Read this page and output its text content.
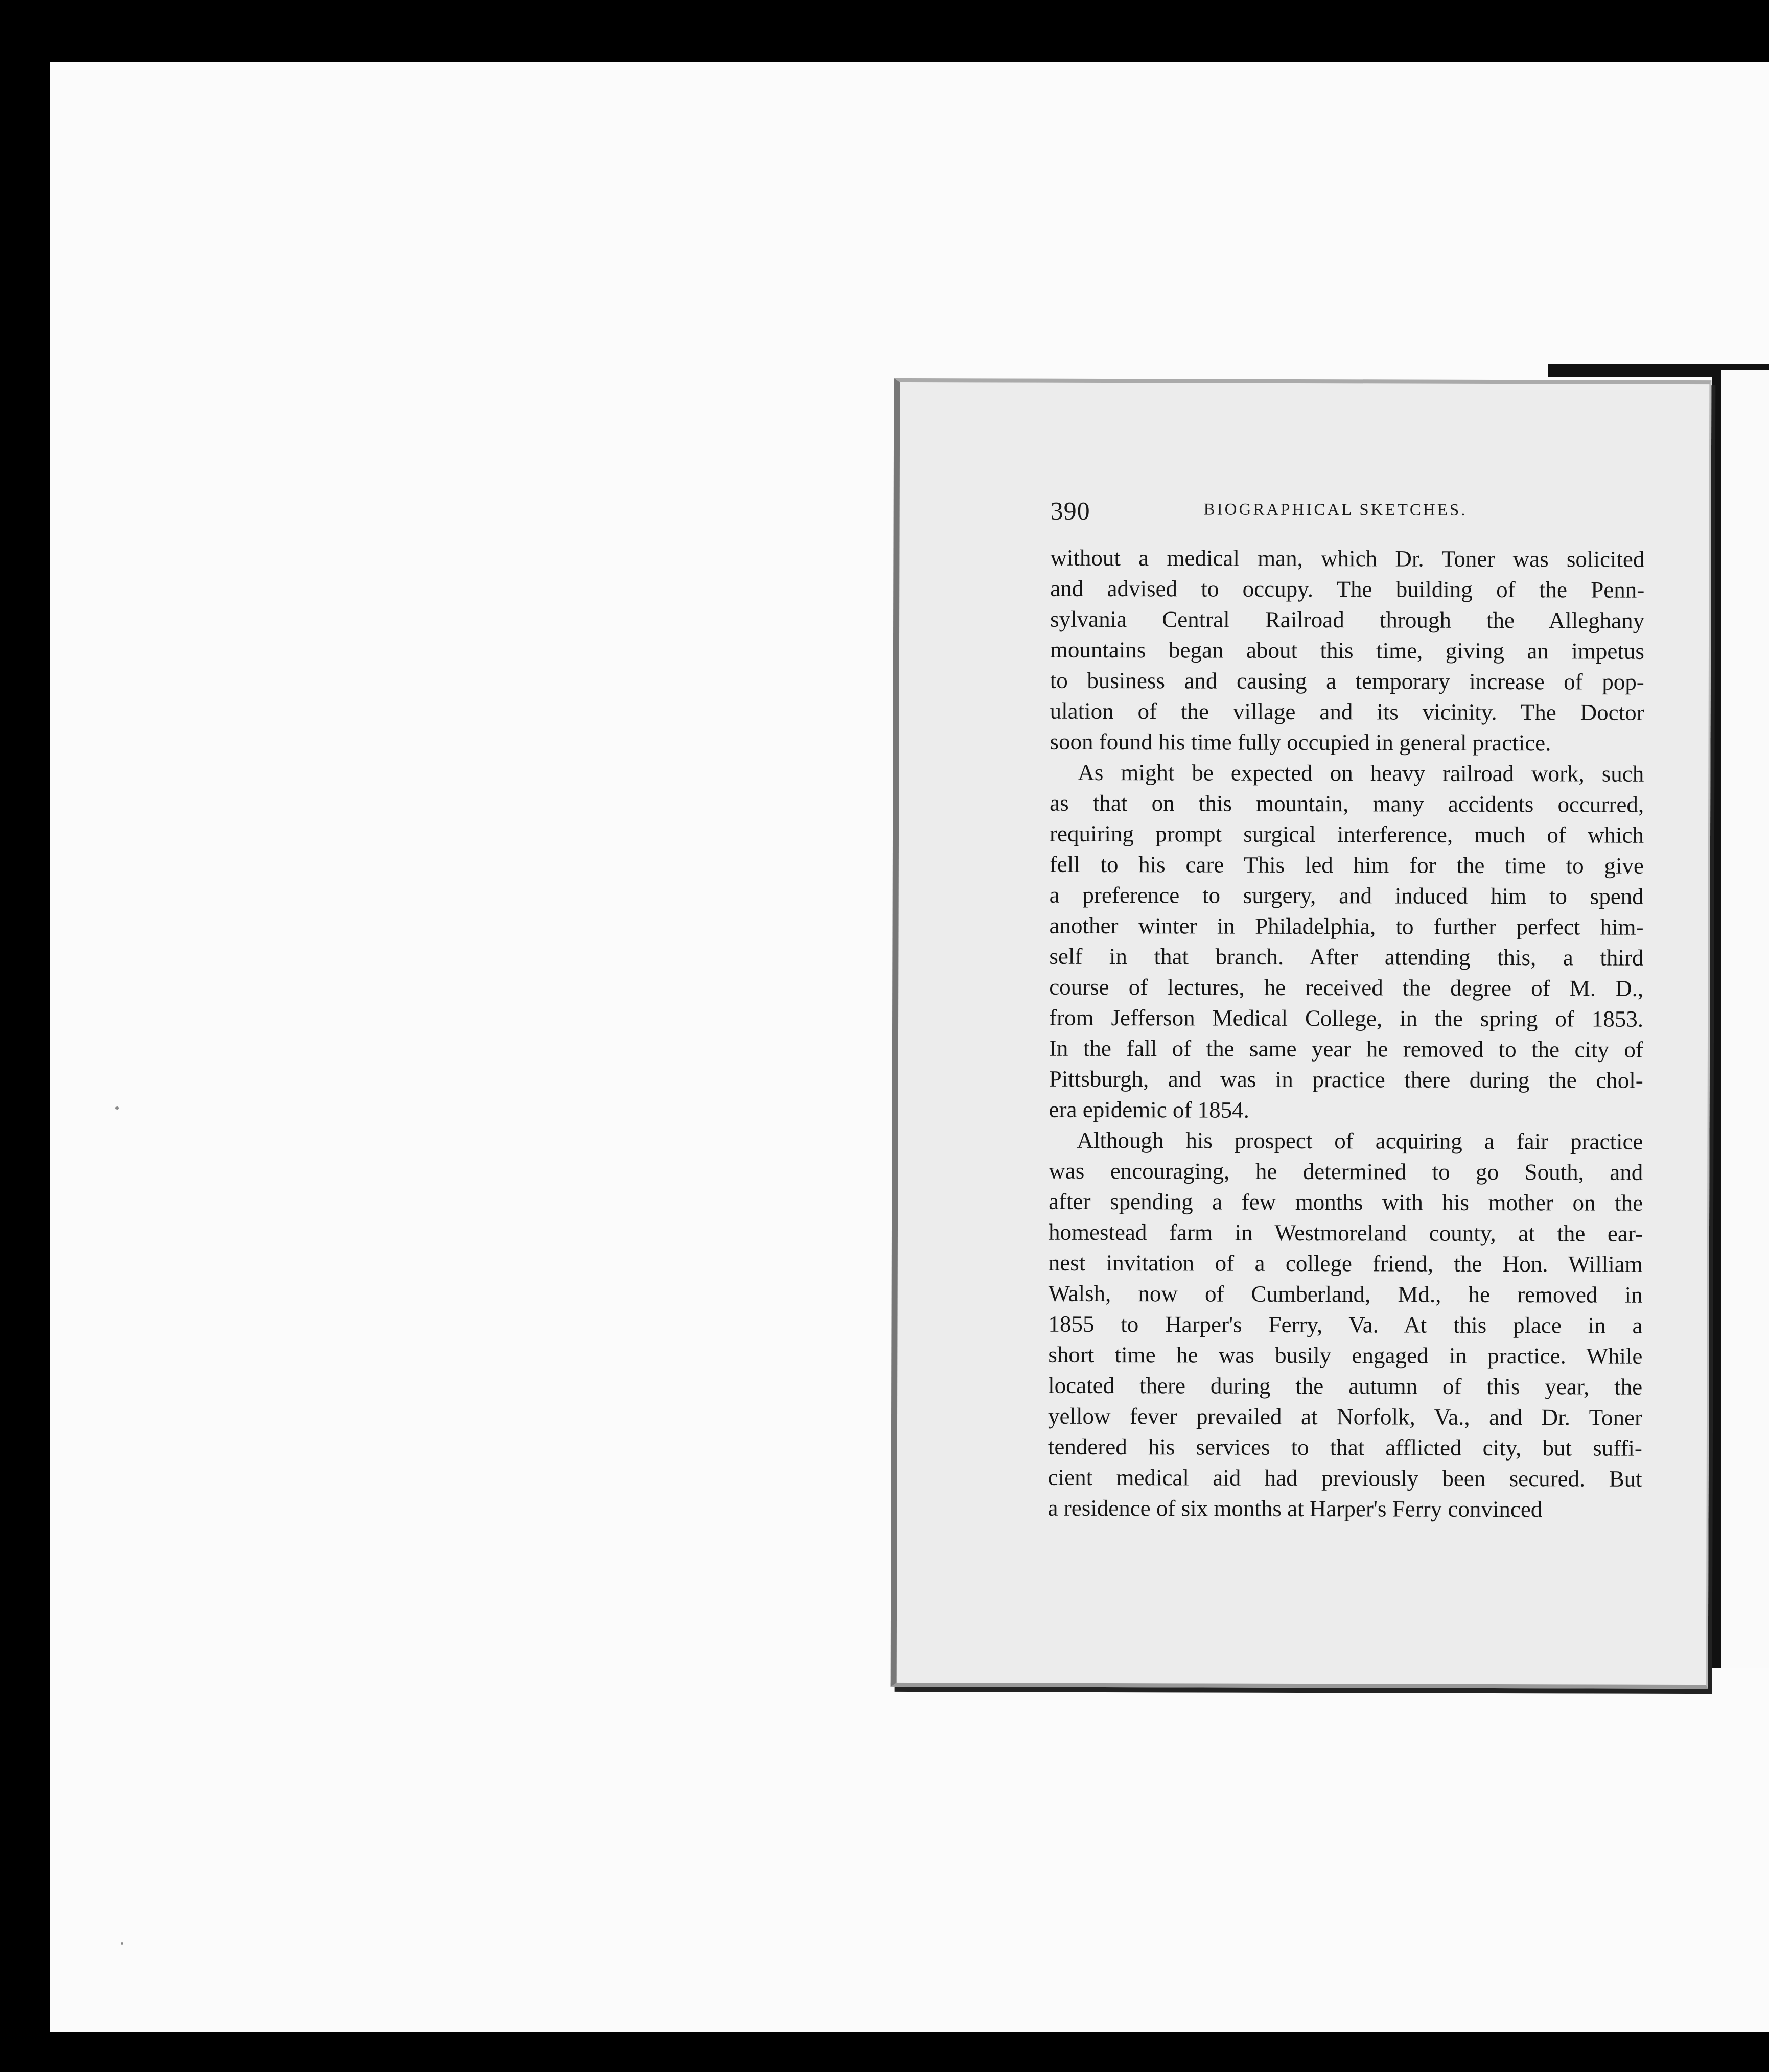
390	BIOGRAPHICAL SKETCHES.
without a medical man, which Dr. Toner was solicited
and advised to occupy. The building of the Penn-
sylvania Central Railroad through the Alleghany
mountains began about this time, giving an impetus
to business and causing a temporary increase of pop-
ulation of the village and its vicinity. The Doctor
soon found his time fully occupied in general practice.
As might be expected on heavy railroad work, such
as that on this mountain, many accidents occurred,
requiring prompt surgical interference, much of which
fell to his care This led him for the time to give
a preference to surgery, and induced him to spend
another winter in Philadelphia, to further perfect him-
self in that branch. After attending this, a third
course of lectures, he received the degree of M. D.,
from Jefferson Medical College, in the spring of 1853.
In the fall of the same year he removed to the city of
Pittsburgh, and was in practice there during the chol-
era epidemic of 1854.
Although his prospect of acquiring a fair practice
was encouraging, he determined to go South, and
after spending a few months with his mother on the
homestead farm in Westmoreland county, at the ear-
nest invitation of a college friend, the Hon. William
Walsh, now of Cumberland, Md., he removed in
1855 to Harper's Ferry, Va. At this place in a
short time he was busily engaged in practice. While
located there during the autumn of this year, the
yellow fever prevailed at Norfolk, Va., and Dr. Toner
tendered his services to that afflicted city, but suffi-
cient medical aid had previously been secured. But
a residence of six months at Harper's Ferry convinced
